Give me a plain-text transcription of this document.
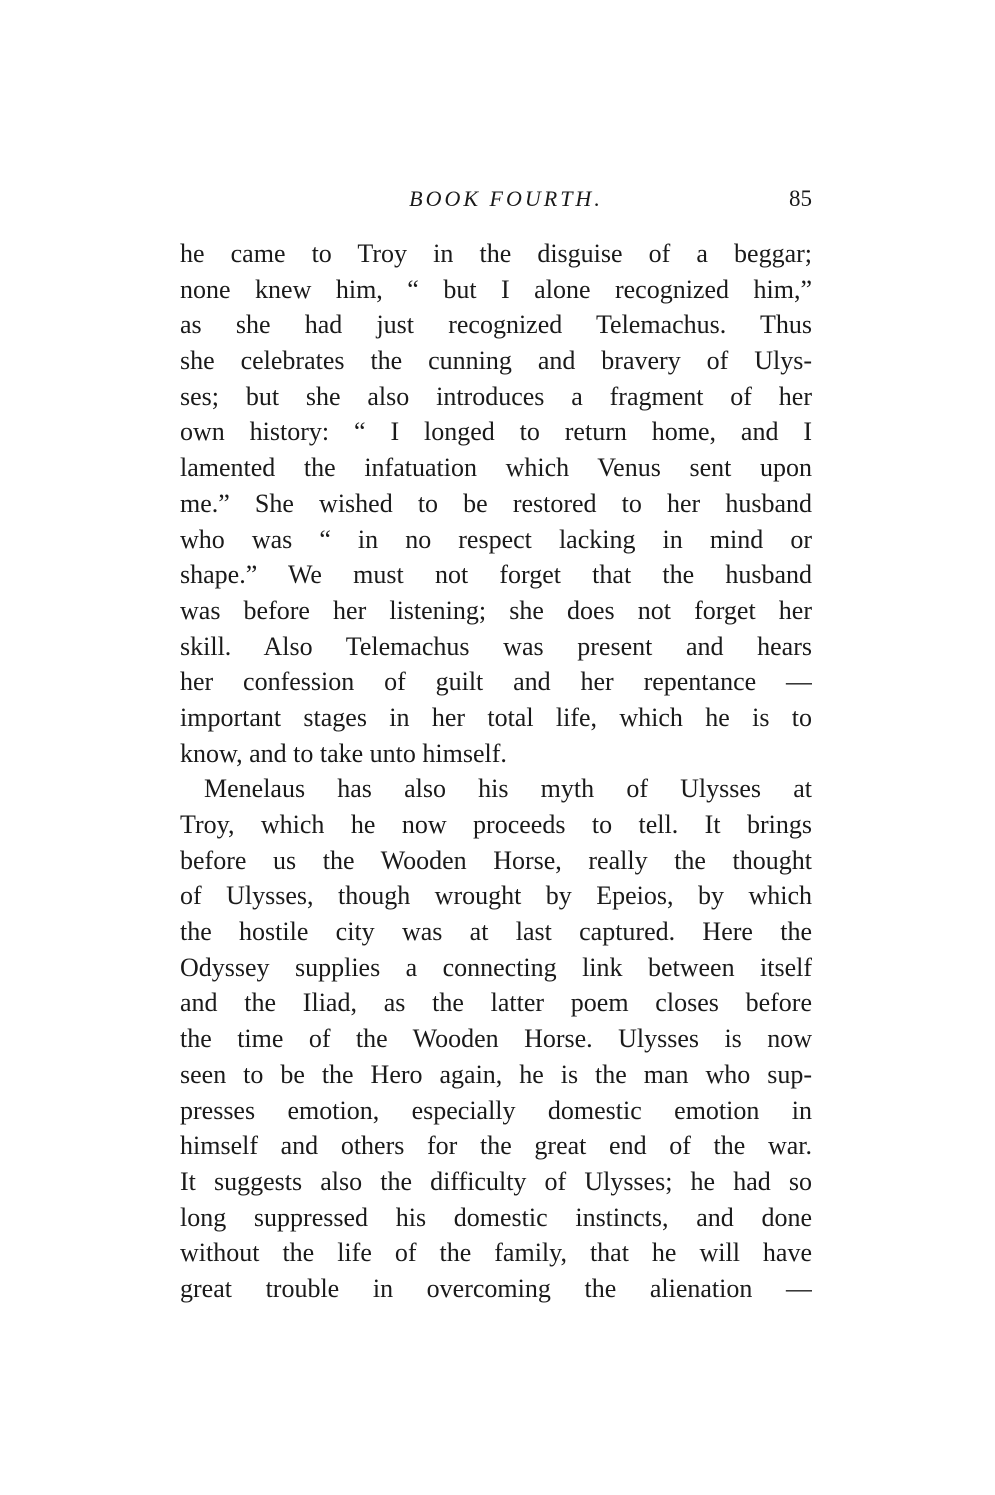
BOOK FOURTH.	85
he came to Troy in the disguise of a beggar;
none knew him, “ but I alone recognized him,”
as she had just recognized Telemachus. Thus
she celebrates the cunning and bravery of Ulys-
ses; but she also introduces a fragment of her
own history: “ I longed to return home, and I
lamented the infatuation which Venus sent upon
me.” She wished to be restored to her husband
who was “ in no respect lacking in mind or
shape.” We must not forget that the husband
was before her listening; she does not forget her
skill. Also Telemachus was present and hears
her confession of guilt and her repentance —
important stages in her total life, which he is to
know, and to take unto himself.
Menelaus has also his myth of Ulysses at
Troy, which he now proceeds to tell. It brings
before us the Wooden Horse, really the thought
of Ulysses, though wrought by Epeios, by which
the hostile city was at last captured. Here the
Odyssey supplies a connecting link between itself
and the Iliad, as the latter poem closes before
the time of the Wooden Horse. Ulysses is now
seen to be the Hero again, he is the man who sup-
presses emotion, especially domestic emotion in
himself and others for the great end of the war.
It suggests also the difficulty of Ulysses; he had so
long suppressed his domestic instincts, and done
without the life of the family, that he will have
great trouble in overcoming the alienation —
